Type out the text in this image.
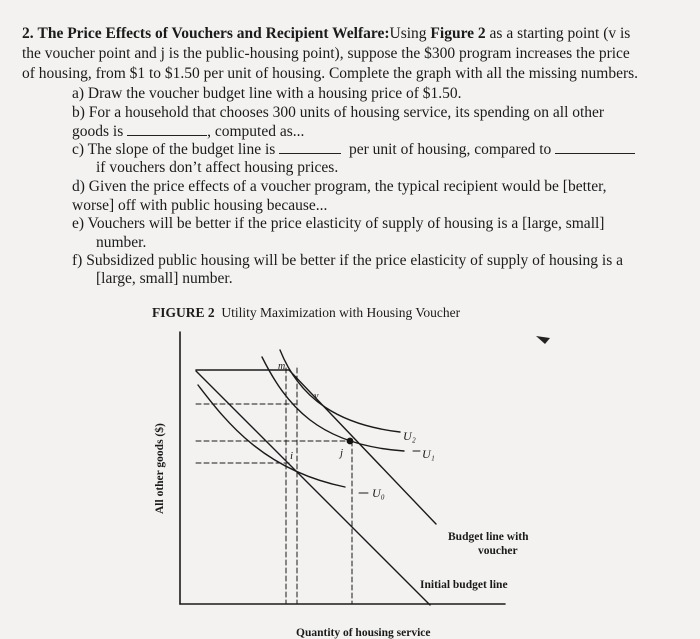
2. The Price Effects of Vouchers and Recipient Welfare:Using Figure 2 as a starting point (v is
the voucher point and j is the public-housing point), suppose the $300 program increases the price
of housing, from $1 to $1.50 per unit of housing. Complete the graph with all the missing numbers.
a) Draw the voucher budget line with a housing price of $1.50.
b) For a household that chooses 300 units of housing service, its spending on all other
goods is	, computed as...
c) The slope of the budget line is	per unit of housing, compared to
if vouchers don’t affect housing prices.
d) Given the price effects of a voucher program, the typical recipient would be [better,
worse] off with public housing because...
e) Vouchers will be better if the price elasticity of supply of housing is a [large, small]
number.
f) Subsidized public housing will be better if the price elasticity of supply of housing is a
[large, small] number.
FIGURE 2 Utility Maximization with Housing Voucher
m
v
i	j
U₂
U₁
U₀
Budget line with
voucher
Initial budget line
Quantity of housing service
All other goods ($)
